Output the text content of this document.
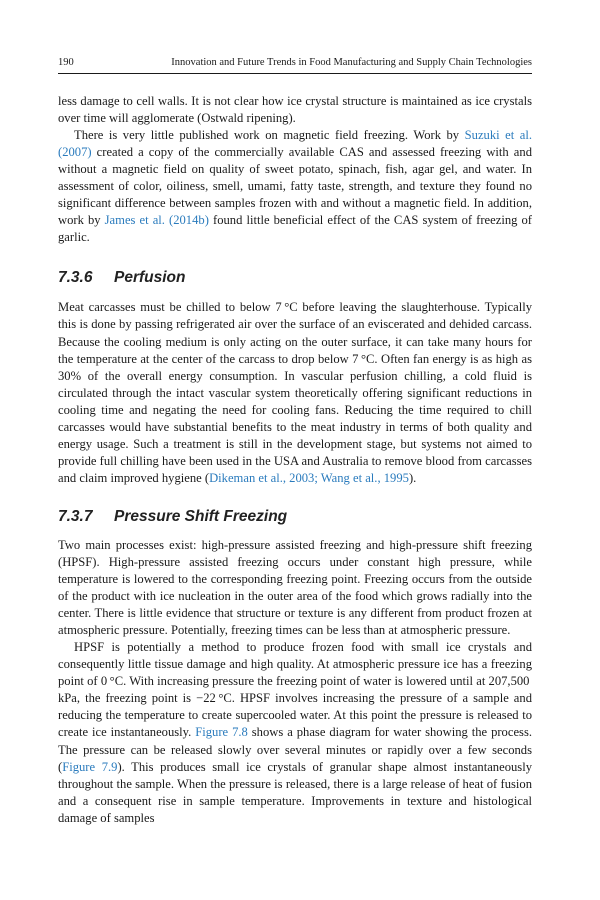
190	Innovation and Future Trends in Food Manufacturing and Supply Chain Technologies

less damage to cell walls. It is not clear how ice crystal structure is maintained as ice crystals over time will agglomerate (Ostwald ripening).

There is very little published work on magnetic field freezing. Work by Suzuki et al. (2007) created a copy of the commercially available CAS and assessed freezing with and without a magnetic field on quality of sweet potato, spinach, fish, agar gel, and water. In assessment of color, oiliness, smell, umami, fatty taste, strength, and texture they found no significant difference between samples frozen with and without a magnetic field. In addition, work by James et al. (2014b) found little beneficial effect of the CAS system of freezing of garlic.

7.3.6 Perfusion

Meat carcasses must be chilled to below 7 °C before leaving the slaughterhouse. Typically this is done by passing refrigerated air over the surface of an eviscerated and dehided carcass. Because the cooling medium is only acting on the outer surface, it can take many hours for the temperature at the center of the carcass to drop below 7 °C. Often fan energy is as high as 30% of the overall energy consumption. In vascular perfusion chilling, a cold fluid is circulated through the intact vascular system theoretically offering significant reductions in cooling time and negating the need for cooling fans. Reducing the time required to chill carcasses would have substantial benefits to the meat industry in terms of both quality and energy usage. Such a treatment is still in the development stage, but systems not aimed to provide full chilling have been used in the USA and Australia to remove blood from carcasses and claim improved hygiene (Dikeman et al., 2003; Wang et al., 1995).

7.3.7 Pressure Shift Freezing

Two main processes exist: high-pressure assisted freezing and high-pressure shift freezing (HPSF). High-pressure assisted freezing occurs under constant high pressure, while temperature is lowered to the corresponding freezing point. Freezing occurs from the outside of the product with ice nucleation in the outer area of the food which grows radially into the center. There is little evidence that structure or texture is any different from product frozen at atmospheric pressure. Potentially, freezing times can be less than at atmospheric pressure.

HPSF is potentially a method to produce frozen food with small ice crystals and consequently little tissue damage and high quality. At atmospheric pressure ice has a freezing point of 0 °C. With increasing pressure the freezing point of water is lowered until at 207,500 kPa, the freezing point is −22 °C. HPSF involves increasing the pressure of a sample and reducing the temperature to create supercooled water. At this point the pressure is released to create ice instantaneously. Figure 7.8 shows a phase diagram for water showing the process. The pressure can be released slowly over several minutes or rapidly over a few seconds (Figure 7.9). This produces small ice crystals of granular shape almost instantaneously throughout the sample. When the pressure is released, there is a large release of heat of fusion and a consequent rise in sample temperature. Improvements in texture and histological damage of samples
